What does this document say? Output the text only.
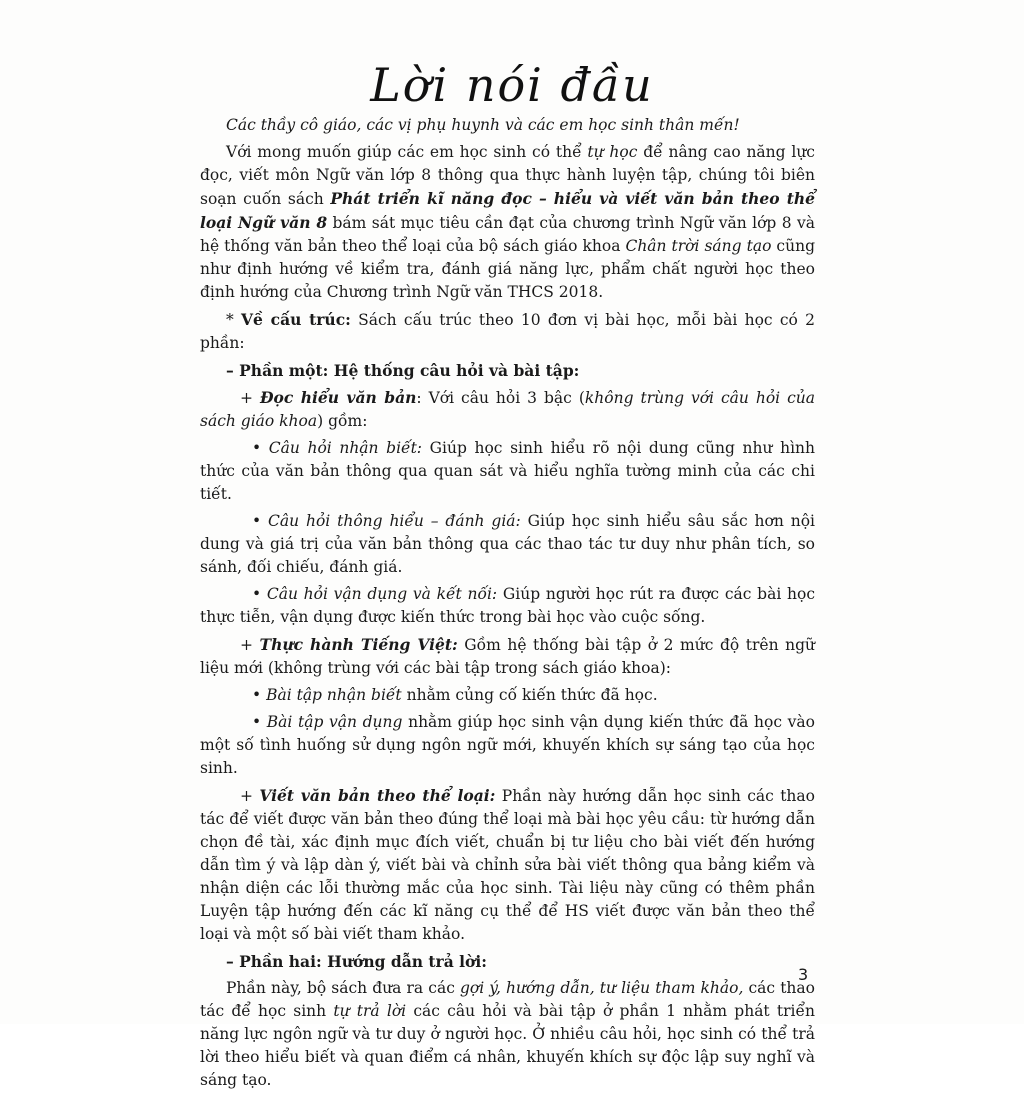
Lời nói đầu

Các thầy cô giáo, các vị phụ huynh và các em học sinh thân mến!

Với mong muốn giúp các em học sinh có thể tự học để nâng cao năng lực đọc, viết môn Ngữ văn lớp 8 thông qua thực hành luyện tập, chúng tôi biên soạn cuốn sách Phát triển kĩ năng đọc – hiểu và viết văn bản theo thể loại Ngữ văn 8 bám sát mục tiêu cần đạt của chương trình Ngữ văn lớp 8 và hệ thống văn bản theo thể loại của bộ sách giáo khoa Chân trời sáng tạo cũng như định hướng về kiểm tra, đánh giá năng lực, phẩm chất người học theo định hướng của Chương trình Ngữ văn THCS 2018.

* Về cấu trúc: Sách cấu trúc theo 10 đơn vị bài học, mỗi bài học có 2 phần:

– Phần một: Hệ thống câu hỏi và bài tập:

+ Đọc hiểu văn bản: Với câu hỏi 3 bậc (không trùng với câu hỏi của sách giáo khoa) gồm:

• Câu hỏi nhận biết: Giúp học sinh hiểu rõ nội dung cũng như hình thức của văn bản thông qua quan sát và hiểu nghĩa tường minh của các chi tiết.

• Câu hỏi thông hiểu – đánh giá: Giúp học sinh hiểu sâu sắc hơn nội dung và giá trị của văn bản thông qua các thao tác tư duy như phân tích, so sánh, đối chiếu, đánh giá.

• Câu hỏi vận dụng và kết nối: Giúp người học rút ra được các bài học thực tiễn, vận dụng được kiến thức trong bài học vào cuộc sống.

+ Thực hành Tiếng Việt: Gồm hệ thống bài tập ở 2 mức độ trên ngữ liệu mới (không trùng với các bài tập trong sách giáo khoa):

• Bài tập nhận biết nhằm củng cố kiến thức đã học.

• Bài tập vận dụng nhằm giúp học sinh vận dụng kiến thức đã học vào một số tình huống sử dụng ngôn ngữ mới, khuyến khích sự sáng tạo của học sinh.

+ Viết văn bản theo thể loại: Phần này hướng dẫn học sinh các thao tác để viết được văn bản theo đúng thể loại mà bài học yêu cầu: từ hướng dẫn chọn đề tài, xác định mục đích viết, chuẩn bị tư liệu cho bài viết đến hướng dẫn tìm ý và lập dàn ý, viết bài và chỉnh sửa bài viết thông qua bảng kiểm và nhận diện các lỗi thường mắc của học sinh. Tài liệu này cũng có thêm phần Luyện tập hướng đến các kĩ năng cụ thể để HS viết được văn bản theo thể loại và một số bài viết tham khảo.

– Phần hai: Hướng dẫn trả lời:

Phần này, bộ sách đưa ra các gợi ý, hướng dẫn, tư liệu tham khảo, các thao tác để học sinh tự trả lời các câu hỏi và bài tập ở phần 1 nhằm phát triển năng lực ngôn ngữ và tư duy ở người học. Ở nhiều câu hỏi, học sinh có thể trả lời theo hiểu biết và quan điểm cá nhân, khuyến khích sự độc lập suy nghĩ và sáng tạo.

3
